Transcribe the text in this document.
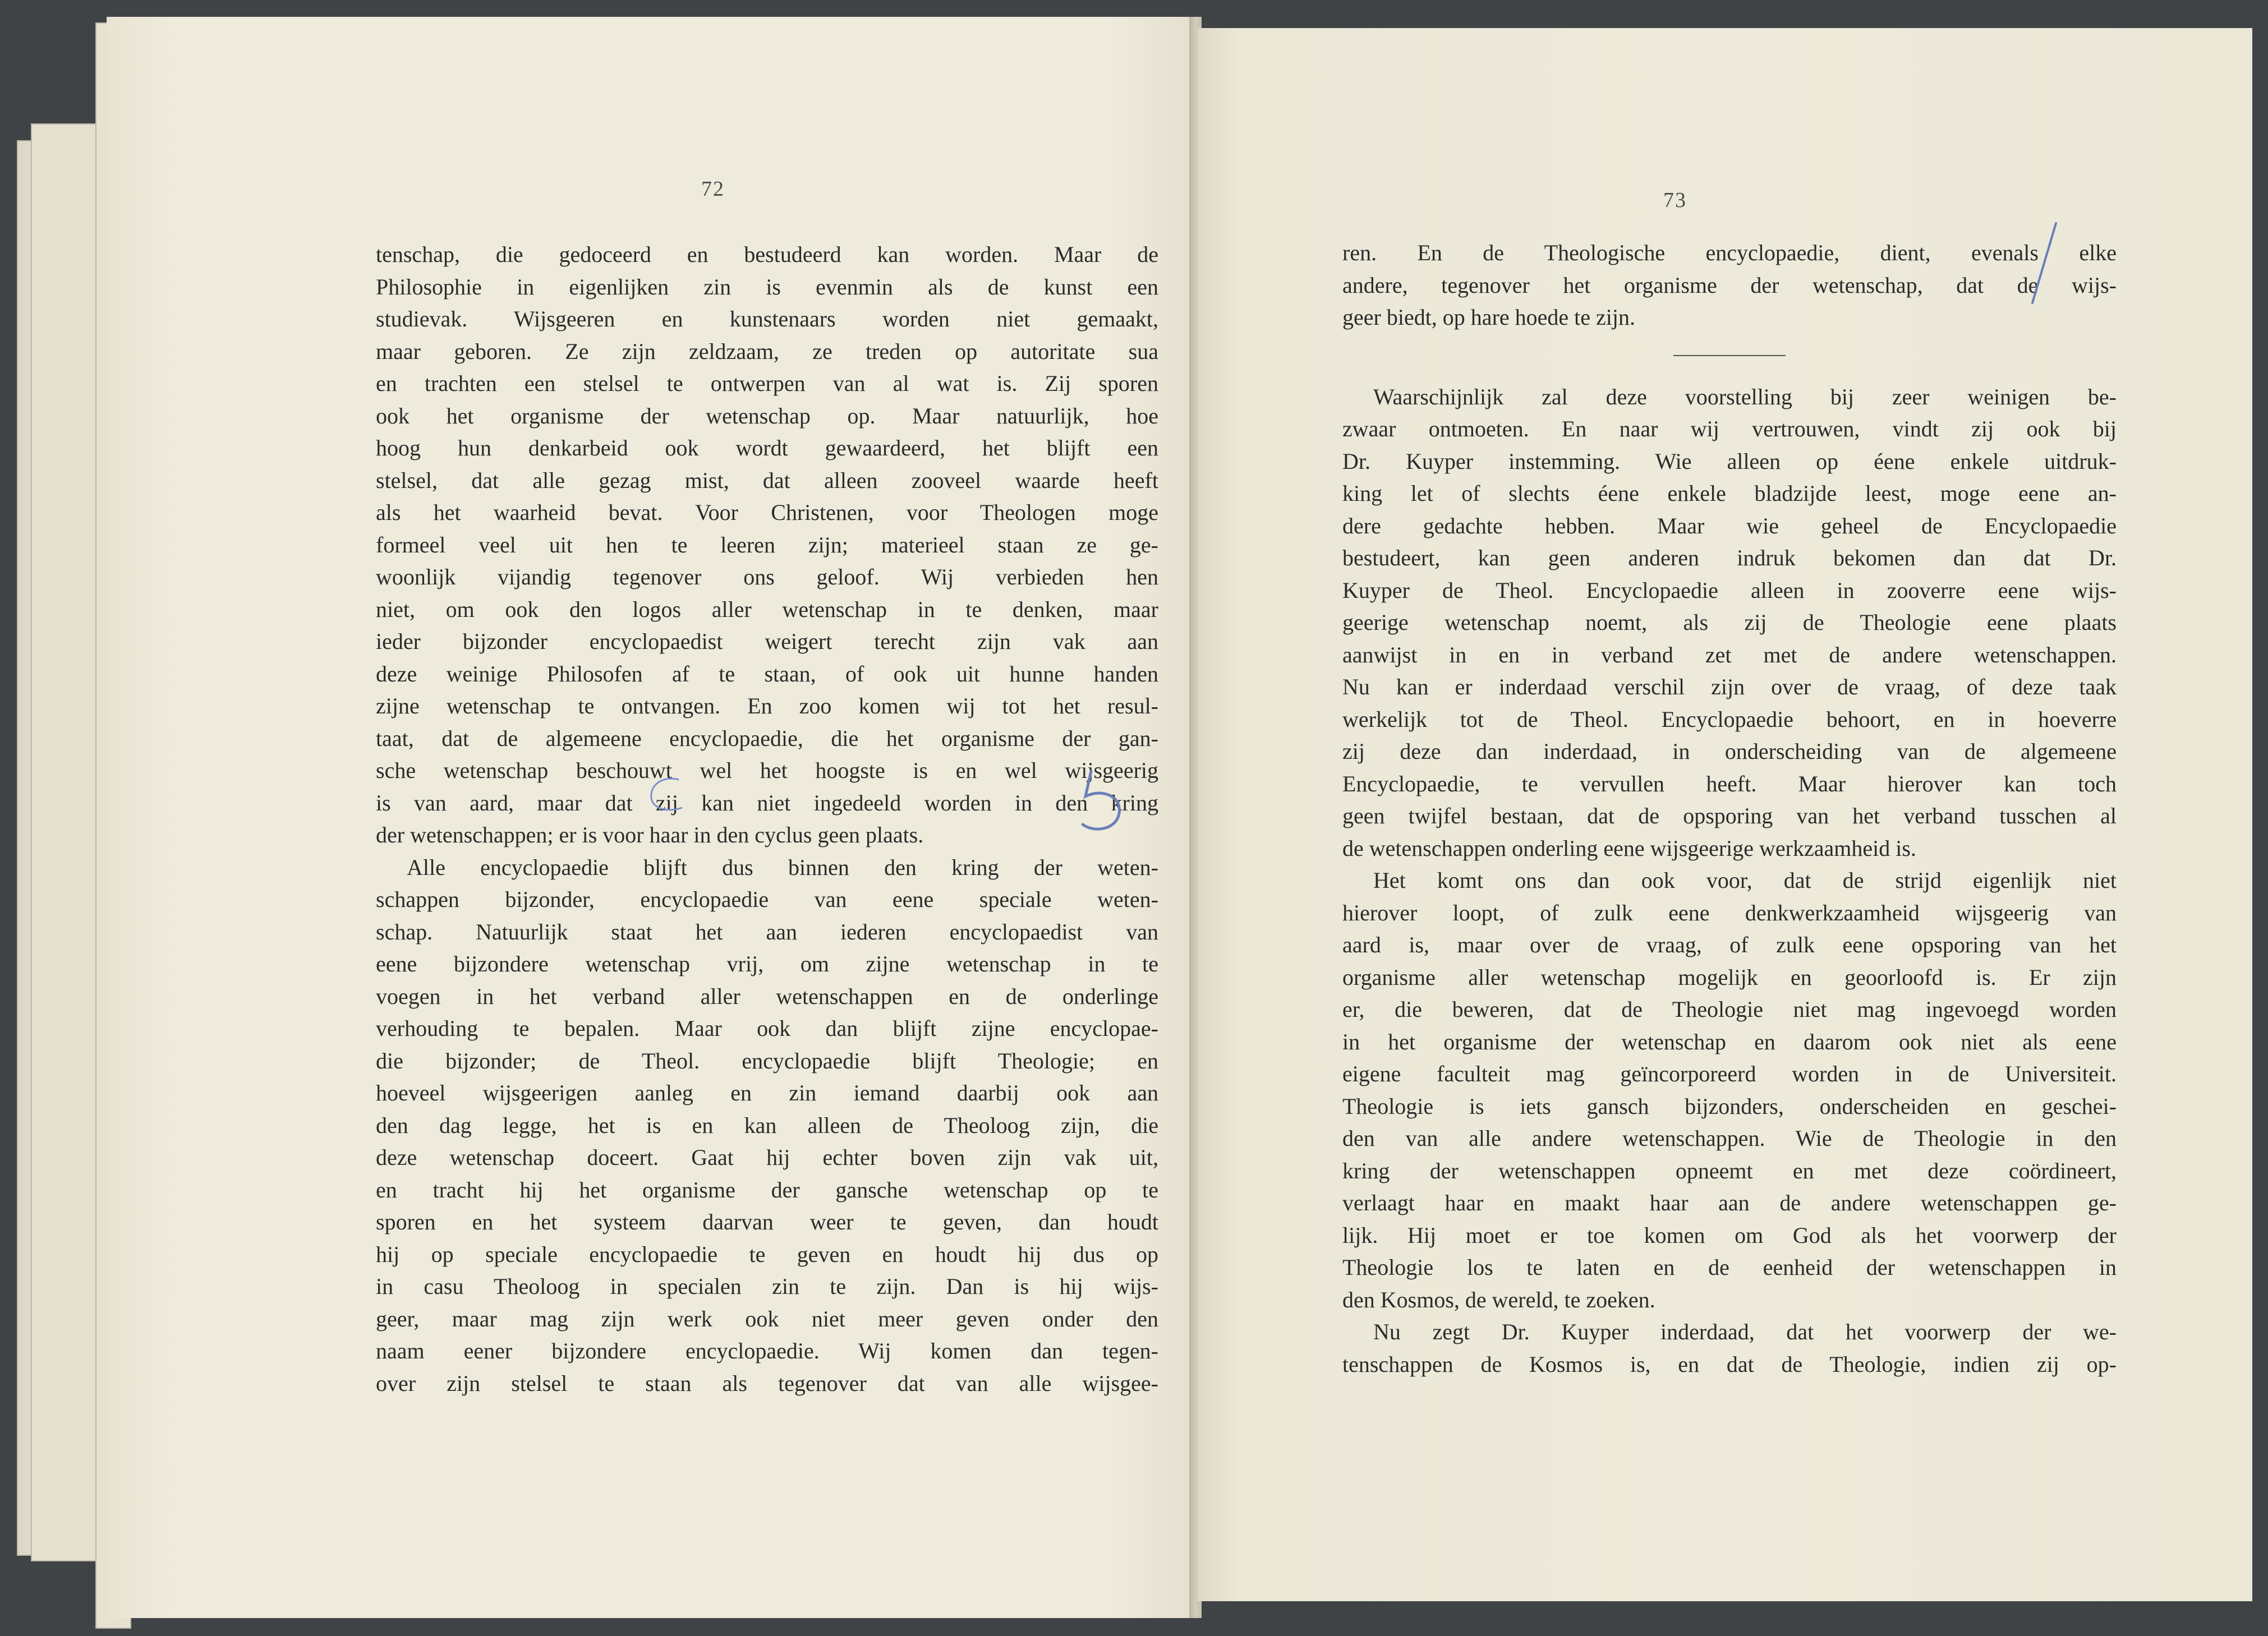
72
tenschap, die gedoceerd en bestudeerd kan worden. Maar de
Philosophie in eigenlijken zin is evenmin als de kunst een
studievak. Wijsgeeren en kunstenaars worden niet gemaakt,
maar geboren. Ze zijn zeldzaam, ze treden op autoritate sua
en trachten een stelsel te ontwerpen van al wat is. Zij sporen
ook het organisme der wetenschap op. Maar natuurlijk, hoe
hoog hun denkarbeid ook wordt gewaardeerd, het blijft een
stelsel, dat alle gezag mist, dat alleen zooveel waarde heeft
als het waarheid bevat. Voor Christenen, voor Theologen moge
formeel veel uit hen te leeren zijn; materieel staan ze ge-
woonlijk vijandig tegenover ons geloof. Wij verbieden hen
niet, om ook den logos aller wetenschap in te denken, maar
ieder bijzonder encyclopaedist weigert terecht zijn vak aan
deze weinige Philosofen af te staan, of ook uit hunne handen
zijne wetenschap te ontvangen. En zoo komen wij tot het resul-
taat, dat de algemeene encyclopaedie, die het organisme der gan-
sche wetenschap beschouwt wel het hoogste is en wel wijsgeerig
is van aard, maar dat zij kan niet ingedeeld worden in den kring
der wetenschappen; er is voor haar in den cyclus geen plaats.
Alle encyclopaedie blijft dus binnen den kring der weten-
schappen bijzonder, encyclopaedie van eene speciale weten-
schap. Natuurlijk staat het aan iederen encyclopaedist van
eene bijzondere wetenschap vrij, om zijne wetenschap in te
voegen in het verband aller wetenschappen en de onderlinge
verhouding te bepalen. Maar ook dan blijft zijne encyclopae-
die bijzonder; de Theol. encyclopaedie blijft Theologie; en
hoeveel wijsgeerigen aanleg en zin iemand daarbij ook aan
den dag legge, het is en kan alleen de Theoloog zijn, die
deze wetenschap doceert. Gaat hij echter boven zijn vak uit,
en tracht hij het organisme der gansche wetenschap op te
sporen en het systeem daarvan weer te geven, dan houdt
hij op speciale encyclopaedie te geven en houdt hij dus op
in casu Theoloog in specialen zin te zijn. Dan is hij wijs-
geer, maar mag zijn werk ook niet meer geven onder den
naam eener bijzondere encyclopaedie. Wij komen dan tegen-
over zijn stelsel te staan als tegenover dat van alle wijsgee-
73
ren. En de Theologische encyclopaedie, dient, evenals elke
andere, tegenover het organisme der wetenschap, dat de wijs-
geer biedt, op hare hoede te zijn.
Waarschijnlijk zal deze voorstelling bij zeer weinigen be-
zwaar ontmoeten. En naar wij vertrouwen, vindt zij ook bij
Dr. Kuyper instemming. Wie alleen op éene enkele uitdruk-
king let of slechts éene enkele bladzijde leest, moge eene an-
dere gedachte hebben. Maar wie geheel de Encyclopaedie
bestudeert, kan geen anderen indruk bekomen dan dat Dr.
Kuyper de Theol. Encyclopaedie alleen in zooverre eene wijs-
geerige wetenschap noemt, als zij de Theologie eene plaats
aanwijst in en in verband zet met de andere wetenschappen.
Nu kan er inderdaad verschil zijn over de vraag, of deze taak
werkelijk tot de Theol. Encyclopaedie behoort, en in hoeverre
zij deze dan inderdaad, in onderscheiding van de algemeene
Encyclopaedie, te vervullen heeft. Maar hierover kan toch
geen twijfel bestaan, dat de opsporing van het verband tusschen al
de wetenschappen onderling eene wijsgeerige werkzaamheid is.
Het komt ons dan ook voor, dat de strijd eigenlijk niet
hierover loopt, of zulk eene denkwerkzaamheid wijsgeerig van
aard is, maar over de vraag, of zulk eene opsporing van het
organisme aller wetenschap mogelijk en geoorloofd is. Er zijn
er, die beweren, dat de Theologie niet mag ingevoegd worden
in het organisme der wetenschap en daarom ook niet als eene
eigene faculteit mag geïncorporeerd worden in de Universiteit.
Theologie is iets gansch bijzonders, onderscheiden en geschei-
den van alle andere wetenschappen. Wie de Theologie in den
kring der wetenschappen opneemt en met deze coördineert,
verlaagt haar en maakt haar aan de andere wetenschappen ge-
lijk. Hij moet er toe komen om God als het voorwerp der
Theologie los te laten en de eenheid der wetenschappen in
den Kosmos, de wereld, te zoeken.
Nu zegt Dr. Kuyper inderdaad, dat het voorwerp der we-
tenschappen de Kosmos is, en dat de Theologie, indien zij op-
